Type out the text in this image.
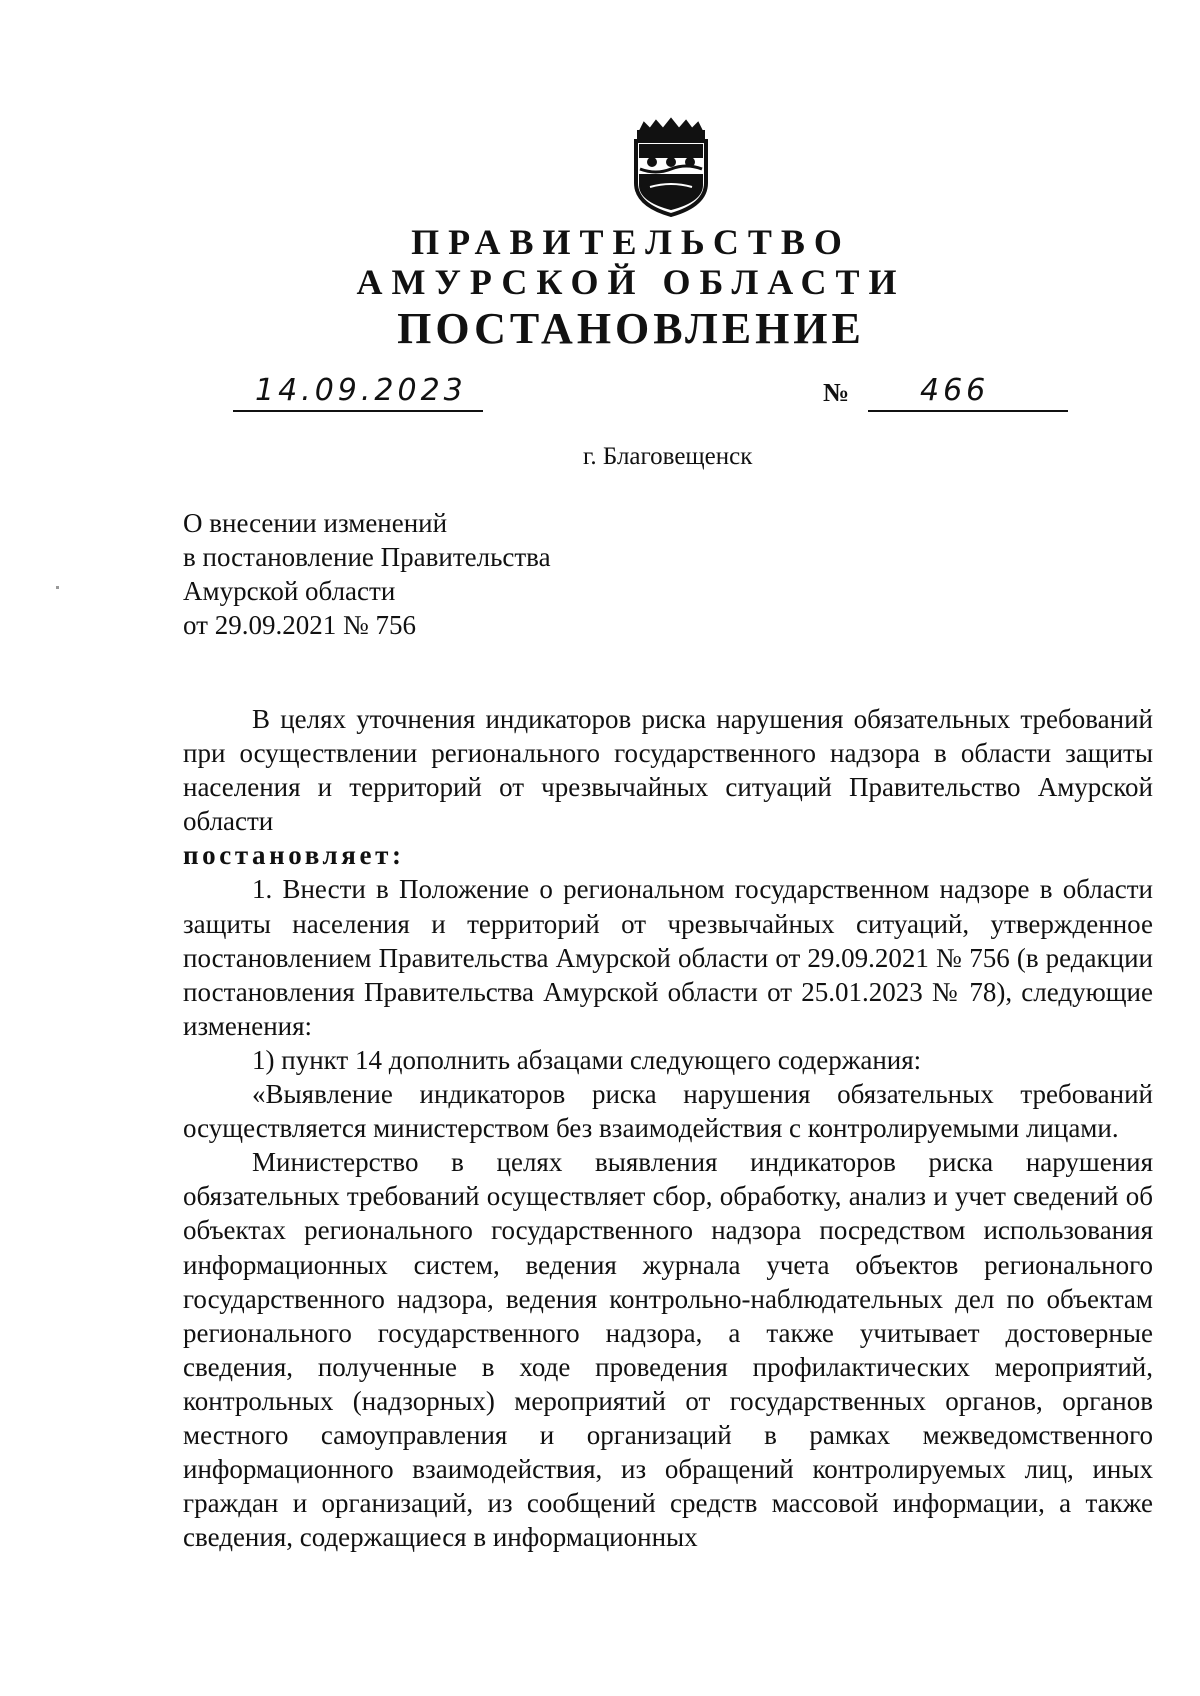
ПРАВИТЕЛЬСТВО
АМУРСКОЙ ОБЛАСТИ
ПОСТАНОВЛЕНИЕ
14.09.2023	№ 466
г. Благовещенск
О внесении изменений
в постановление Правительства
Амурской области
от 29.09.2021 № 756

В целях уточнения индикаторов риска нарушения обязательных требований при осуществлении регионального государственного надзора в области защиты населения и территорий от чрезвычайных ситуаций Правительство Амурской области

постановляет:

1. Внести в Положение о региональном государственном надзоре в области защиты населения и территорий от чрезвычайных ситуаций, утвержденное постановлением Правительства Амурской области от 29.09.2021 № 756 (в редакции постановления Правительства Амурской области от 25.01.2023 № 78), следующие изменения:

1) пункт 14 дополнить абзацами следующего содержания:

«Выявление индикаторов риска нарушения обязательных требований осуществляется министерством без взаимодействия с контролируемыми лицами.

Министерство в целях выявления индикаторов риска нарушения обязательных требований осуществляет сбор, обработку, анализ и учет сведений об объектах регионального государственного надзора посредством использования информационных систем, ведения журнала учета объектов регионального государственного надзора, ведения контрольно-наблюдательных дел по объектам регионального государственного надзора, а также учитывает достоверные сведения, полученные в ходе проведения профилактических мероприятий, контрольных (надзорных) мероприятий от государственных органов, органов местного самоуправления и организаций в рамках межведомственного информационного взаимодействия, из обращений контролируемых лиц, иных граждан и организаций, из сообщений средств массовой информации, а также сведения, содержащиеся в информационных
